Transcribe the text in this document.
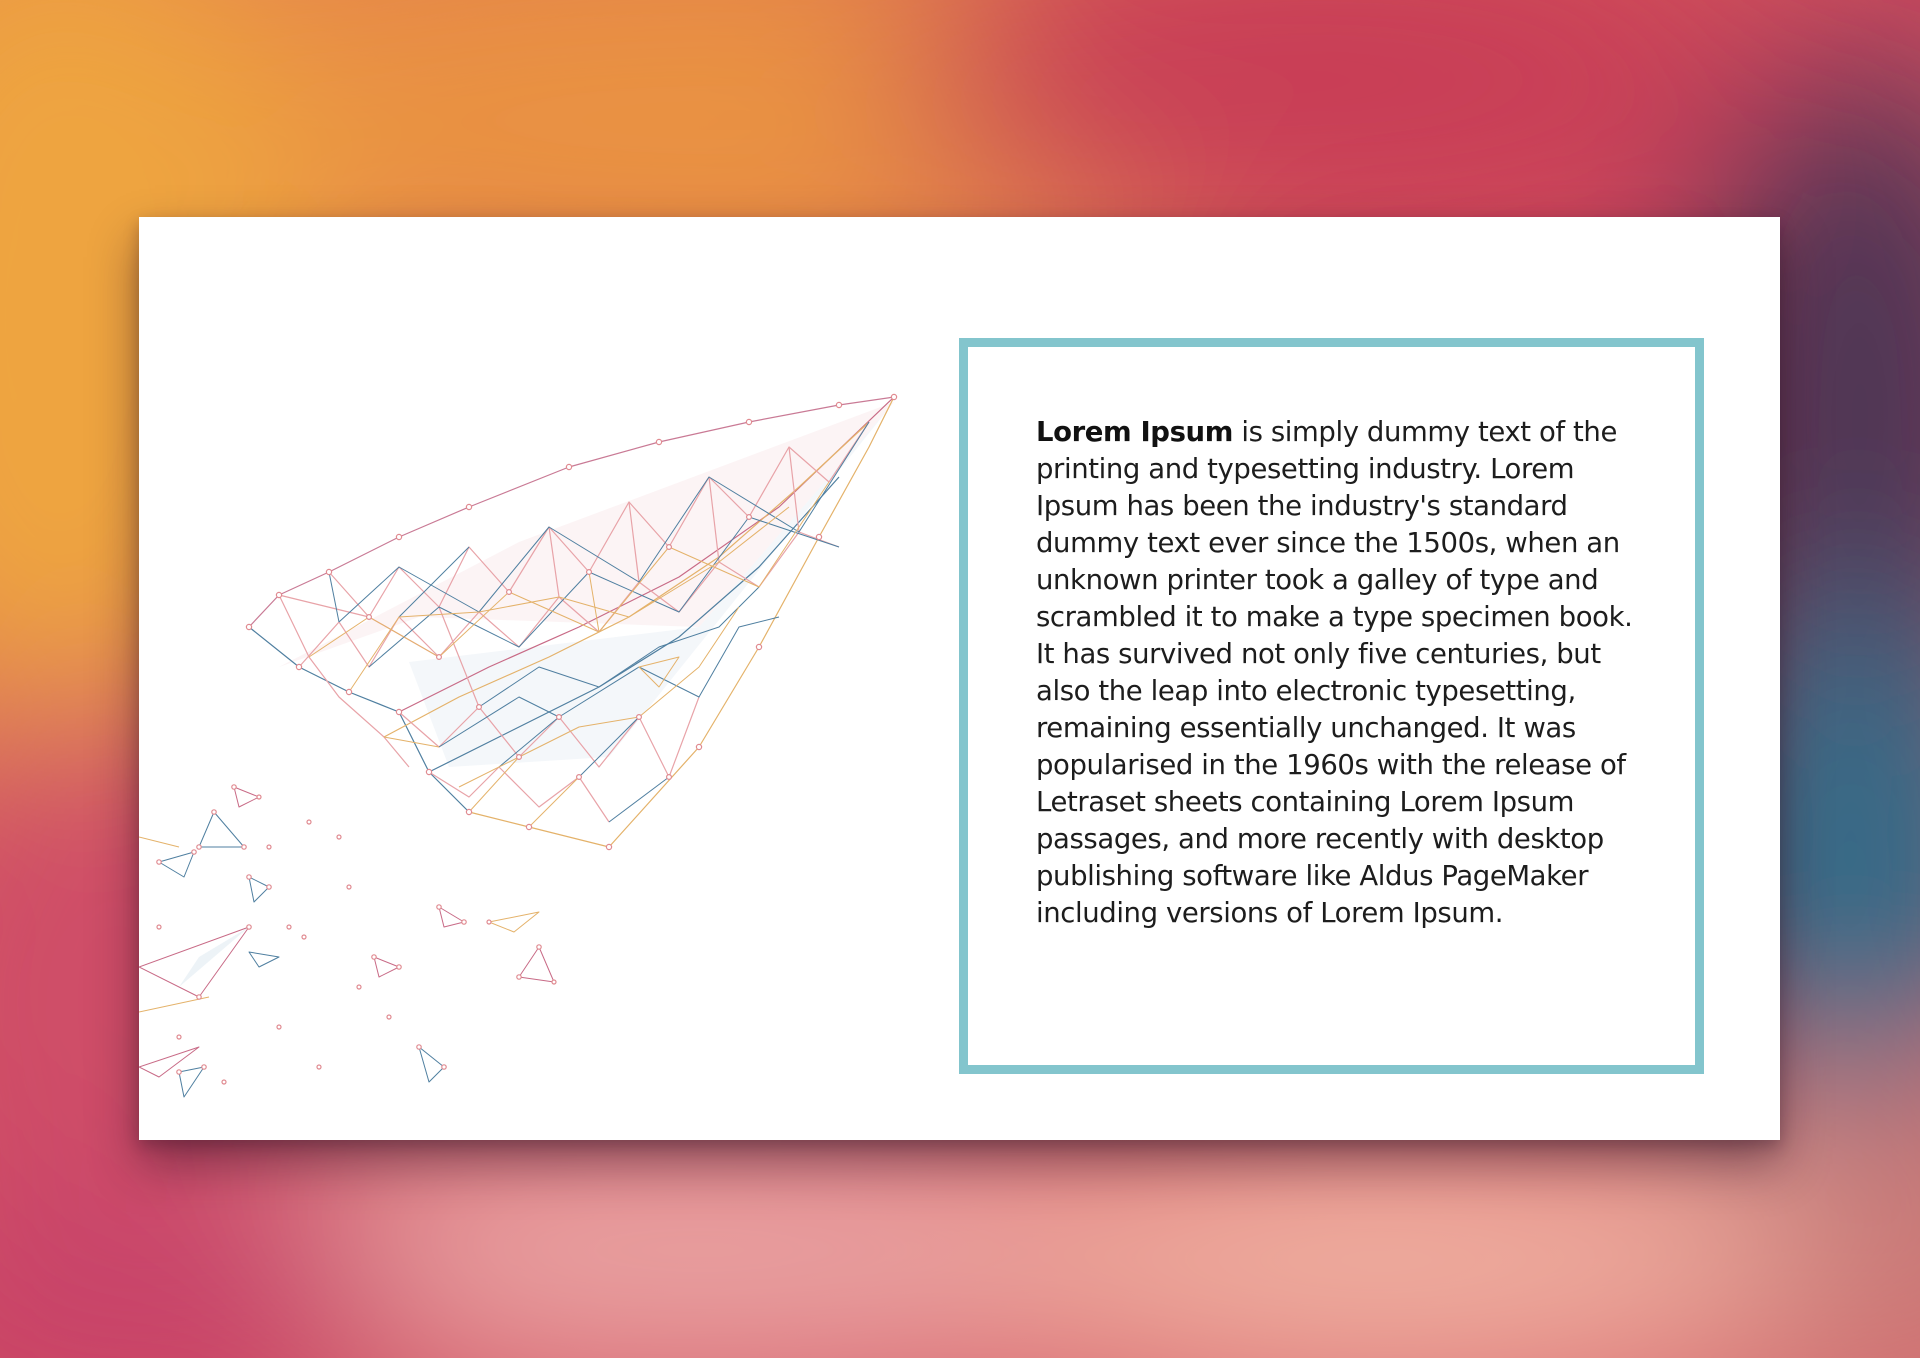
Lorem Ipsum is simply dummy text of the printing and typesetting industry. Lorem Ipsum has been the industry's standard dummy text ever since the 1500s, when an unknown printer took a galley of type and scrambled it to make a type specimen book. It has survived not only five centuries, but also the leap into electronic typesetting, remaining essentially unchanged. It was popularised in the 1960s with the release of Letraset sheets containing Lorem Ipsum passages, and more recently with desktop publishing software like Aldus PageMaker including versions of Lorem Ipsum.
